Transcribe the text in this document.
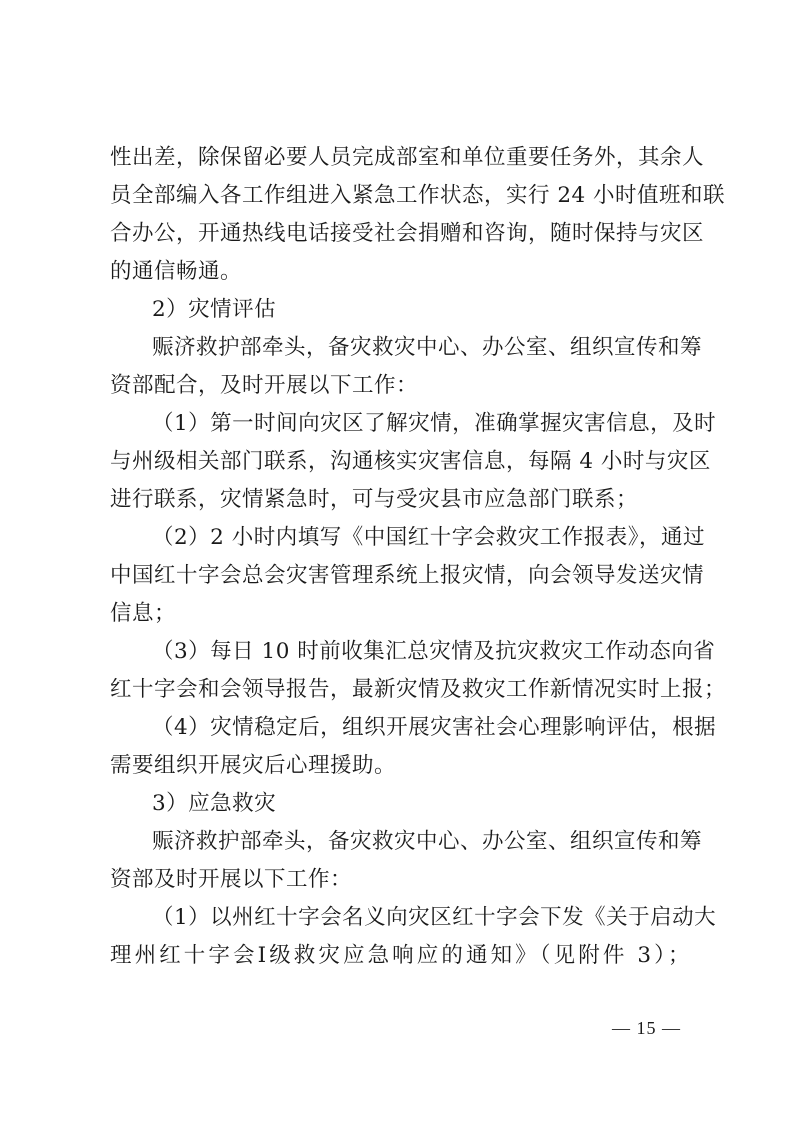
性出差，除保留必要人员完成部室和单位重要任务外，其余人
员全部编入各工作组进入紧急工作状态，实行 24 小时值班和联
合办公，开通热线电话接受社会捐赠和咨询，随时保持与灾区
的通信畅通。
2）灾情评估
赈济救护部牵头，备灾救灾中心、办公室、组织宣传和筹
资部配合，及时开展以下工作：
（1）第一时间向灾区了解灾情，准确掌握灾害信息，及时
与州级相关部门联系，沟通核实灾害信息，每隔 4 小时与灾区
进行联系，灾情紧急时，可与受灾县市应急部门联系；
（2）2 小时内填写《中国红十字会救灾工作报表》，通过
中国红十字会总会灾害管理系统上报灾情，向会领导发送灾情
信息；
（3）每日 10 时前收集汇总灾情及抗灾救灾工作动态向省
红十字会和会领导报告，最新灾情及救灾工作新情况实时上报；
（4）灾情稳定后，组织开展灾害社会心理影响评估，根据
需要组织开展灾后心理援助。
3）应急救灾
赈济救护部牵头，备灾救灾中心、办公室、组织宣传和筹
资部及时开展以下工作：
（1）以州红十字会名义向灾区红十字会下发《关于启动大
理州红十字会Ⅰ级救灾应急响应的通知》（见附件 3）；
— 15 —
